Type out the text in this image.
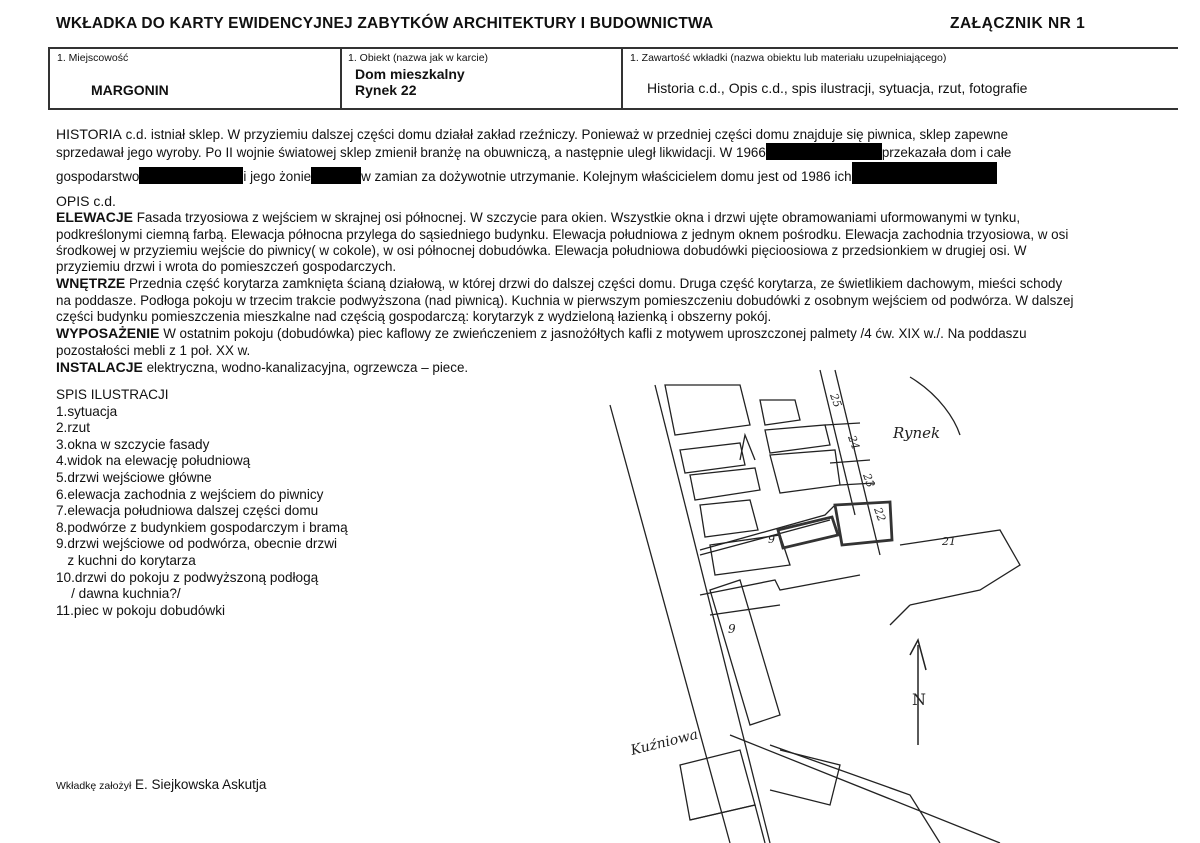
WKŁADKA DO KARTY EWIDENCYJNEJ ZABYTKÓW ARCHITEKTURY I BUDOWNICTWA	ZAŁĄCZNIK NR 1
1. Miejscowość
MARGONIN
1. Obiekt (nazwa jak w karcie)
Dom mieszkalny
Rynek 22
1. Zawartość wkładki (nazwa obiektu lub materiału uzupełniającego)
Historia c.d., Opis c.d., spis ilustracji, sytuacja, rzut, fotografie

HISTORIA c.d. istniał sklep. W przyziemiu dalszej części domu działał zakład rzeźniczy. Ponieważ w przedniej części domu znajduje się piwnica, sklep zapewne

sprzedawał jego wyroby. Po II wojnie światowej sklep zmienił branżę na obuwniczą, a następnie uległ likwidacji. W 1966	przekazała dom i całe

gospodarstwo	i jego żonie	w zamian za dożywotnie utrzymanie. Kolejnym właścicielem domu jest od 1986 ich

OPIS c.d.

ELEWACJE Fasada trzyosiowa z wejściem w skrajnej osi północnej. W szczycie para okien. Wszystkie okna i drzwi ujęte obramowaniami uformowanymi w tynku,

podkreślonymi ciemną farbą. Elewacja północna przylega do sąsiedniego budynku. Elewacja południowa z jednym oknem pośrodku. Elewacja zachodnia trzyosiowa, w osi

środkowej w przyziemiu wejście do piwnicy( w cokole), w osi północnej dobudówka. Elewacja południowa dobudówki pięcioosiowa z przedsionkiem w drugiej osi. W

przyziemiu drzwi i wrota do pomieszczeń gospodarczych.

WNĘTRZE Przednia część korytarza zamknięta ścianą działową, w której drzwi do dalszej części domu. Druga część korytarza, ze świetlikiem dachowym, mieści schody

na poddasze. Podłoga pokoju w trzecim trakcie podwyższona (nad piwnicą). Kuchnia w pierwszym pomieszczeniu dobudówki z osobnym wejściem od podwórza. W dalszej

części budynku pomieszczenia mieszkalne nad częścią gospodarczą: korytarzyk z wydzieloną łazienką i obszerny pokój.

WYPOSAŻENIE W ostatnim pokoju (dobudówka) piec kaflowy ze zwieńczeniem z jasnożółtych kafli z motywem uproszczonej palmety /4 ćw. XIX w./. Na poddaszu

pozostałości mebli z 1 poł. XX w.

INSTALACJE elektryczna, wodno-kanalizacyjna, ogrzewcza – piece.

SPIS ILUSTRACJI
1.sytuacja
2.rzut
3.okna w szczycie fasady
4.widok na elewację południową
5.drzwi wejściowe główne
6.elewacja zachodnia z wejściem do piwnicy
7.elewacja południowa dalszej części domu
8.podwórze z budynkiem gospodarczym i bramą
9.drzwi wejściowe od podwórza, obecnie drzwi
z kuchni do korytarza
10.drzwi do pokoju z podwyższoną podłogą
/ dawna kuchnia?/
11.piec w pokoju dobudówki
Wkładkę założył E. Siejkowska Askutja
N
25
24
23
22
21
9
9
Rynek
Kuźniowa
